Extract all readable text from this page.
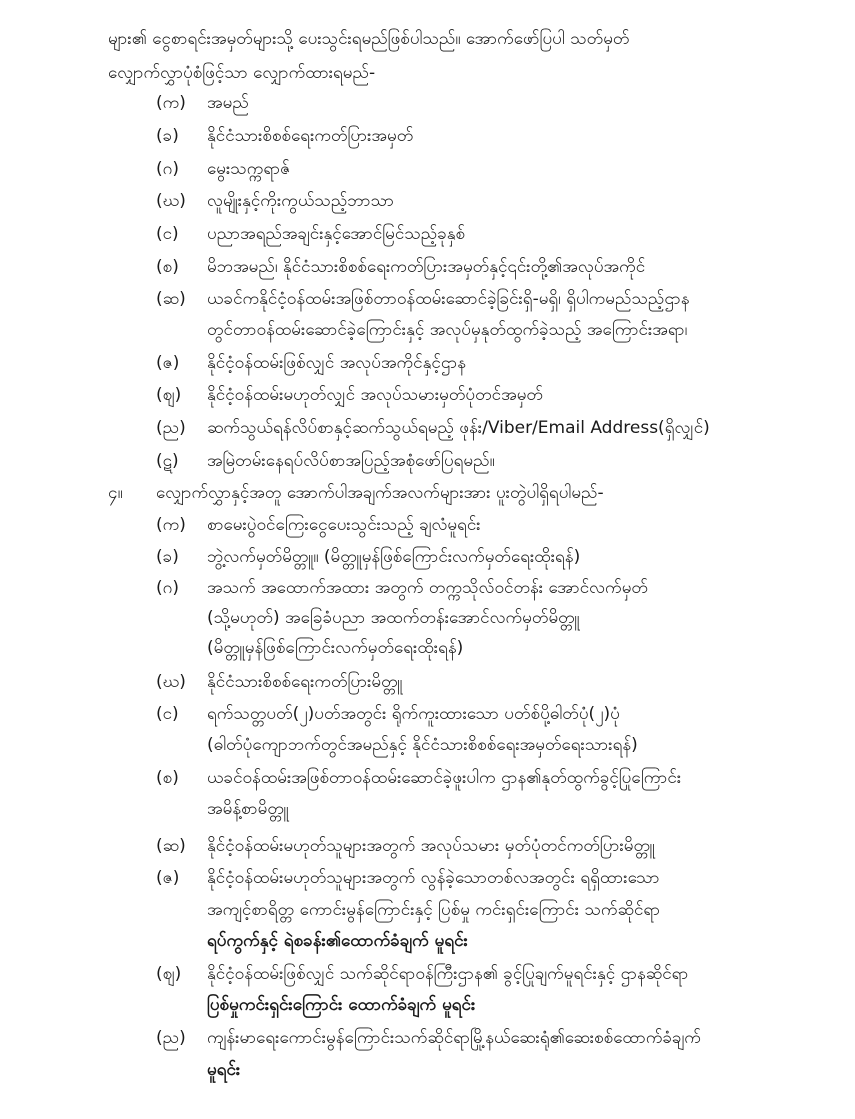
များ၏ ငွေစာရင်းအမှတ်များသို့ ပေးသွင်းရမည်ဖြစ်ပါသည်။ အောက်ဖော်ပြပါ သတ်မှတ်
လျှောက်လွှာပုံစံဖြင့်သာ လျှောက်ထားရမည်-
(က) အမည်
(ခ) နိုင်ငံသားစိစစ်ရေးကတ်ပြားအမှတ်
(ဂ) မွေးသက္ကရာဇ်
(ဃ) လူမျိုးနှင့်ကိုးကွယ်သည့်ဘာသာ
(င) ပညာအရည်အချင်းနှင့်အောင်မြင်သည့်ခုနှစ်
(စ) မိဘအမည်၊ နိုင်ငံသားစိစစ်ရေးကတ်ပြားအမှတ်နှင့်၎င်းတို့၏အလုပ်အကိုင်
(ဆ) ယခင်ကနိုင်ငံ့ဝန်ထမ်းအဖြစ်တာဝန်ထမ်းဆောင်ခဲ့ခြင်းရှိ-မရှိ၊ ရှိပါကမည်သည့်ဌာန
တွင်တာဝန်ထမ်းဆောင်ခဲ့ကြောင်းနှင့် အလုပ်မှနုတ်ထွက်ခဲ့သည့် အကြောင်းအရာ၊
(ဇ) နိုင်ငံ့ဝန်ထမ်းဖြစ်လျှင် အလုပ်အကိုင်နှင့်ဌာန
(ဈ) နိုင်ငံ့ဝန်ထမ်းမဟုတ်လျှင် အလုပ်သမားမှတ်ပုံတင်အမှတ်
(ည) ဆက်သွယ်ရန်လိပ်စာနှင့်ဆက်သွယ်ရမည့် ဖုန်း/Viber/Email Address(ရှိလျှင်)
(ဋ) အမြဲတမ်းနေရပ်လိပ်စာအပြည့်အစုံဖော်ပြရမည်။
၄။ လျှောက်လွှာနှင့်အတူ အောက်ပါအချက်အလက်များအား ပူးတွဲပါရှိရပါမည်-
(က) စာမေးပွဲဝင်ကြေးငွေပေးသွင်းသည့် ချလံမူရင်း
(ခ) ဘွဲ့လက်မှတ်မိတ္တူ။ (မိတ္တူမှန်ဖြစ်ကြောင်းလက်မှတ်ရေးထိုးရန်)
(ဂ) အသက် အထောက်အထား အတွက် တက္ကသိုလ်ဝင်တန်း အောင်လက်မှတ်
(သို့မဟုတ်) အခြေခံပညာ အထက်တန်းအောင်လက်မှတ်မိတ္တူ
(မိတ္တူမှန်ဖြစ်ကြောင်းလက်မှတ်ရေးထိုးရန်)
(ဃ) နိုင်ငံသားစိစစ်ရေးကတ်ပြားမိတ္တူ
(င) ရက်သတ္တပတ်(၂)ပတ်အတွင်း ရိုက်ကူးထားသော ပတ်စ်ပို့ဓါတ်ပုံ(၂)ပုံ
(ဓါတ်ပုံကျောဘက်တွင်အမည်နှင့် နိုင်ငံသားစိစစ်ရေးအမှတ်ရေးသားရန်)
(စ) ယခင်ဝန်ထမ်းအဖြစ်တာဝန်ထမ်းဆောင်ခဲ့ဖူးပါက ဌာန၏နုတ်ထွက်ခွင့်ပြုကြောင်း
အမိန့်စာမိတ္တူ
(ဆ) နိုင်ငံ့ဝန်ထမ်းမဟုတ်သူများအတွက် အလုပ်သမား မှတ်ပုံတင်ကတ်ပြားမိတ္တူ
(ဇ) နိုင်ငံ့ဝန်ထမ်းမဟုတ်သူများအတွက် လွန်ခဲ့သောတစ်လအတွင်း ရရှိထားသော
အကျင့်စာရိတ္တ ကောင်းမွန်ကြောင်းနှင့် ပြစ်မှု ကင်းရှင်းကြောင်း သက်ဆိုင်ရာ
ရပ်ကွက်နှင့် ရဲစခန်း၏ထောက်ခံချက် မူရင်း
(ဈ) နိုင်ငံ့ဝန်ထမ်းဖြစ်လျှင် သက်ဆိုင်ရာဝန်ကြီးဌာန၏ ခွင့်ပြုချက်မူရင်းနှင့် ဌာနဆိုင်ရာ
ပြစ်မှုကင်းရှင်းကြောင်း ထောက်ခံချက် မူရင်း
(ည) ကျန်းမာရေးကောင်းမွန်ကြောင်းသက်ဆိုင်ရာမြို့နယ်ဆေးရုံ၏ဆေးစစ်ထောက်ခံချက်
မူရင်း
